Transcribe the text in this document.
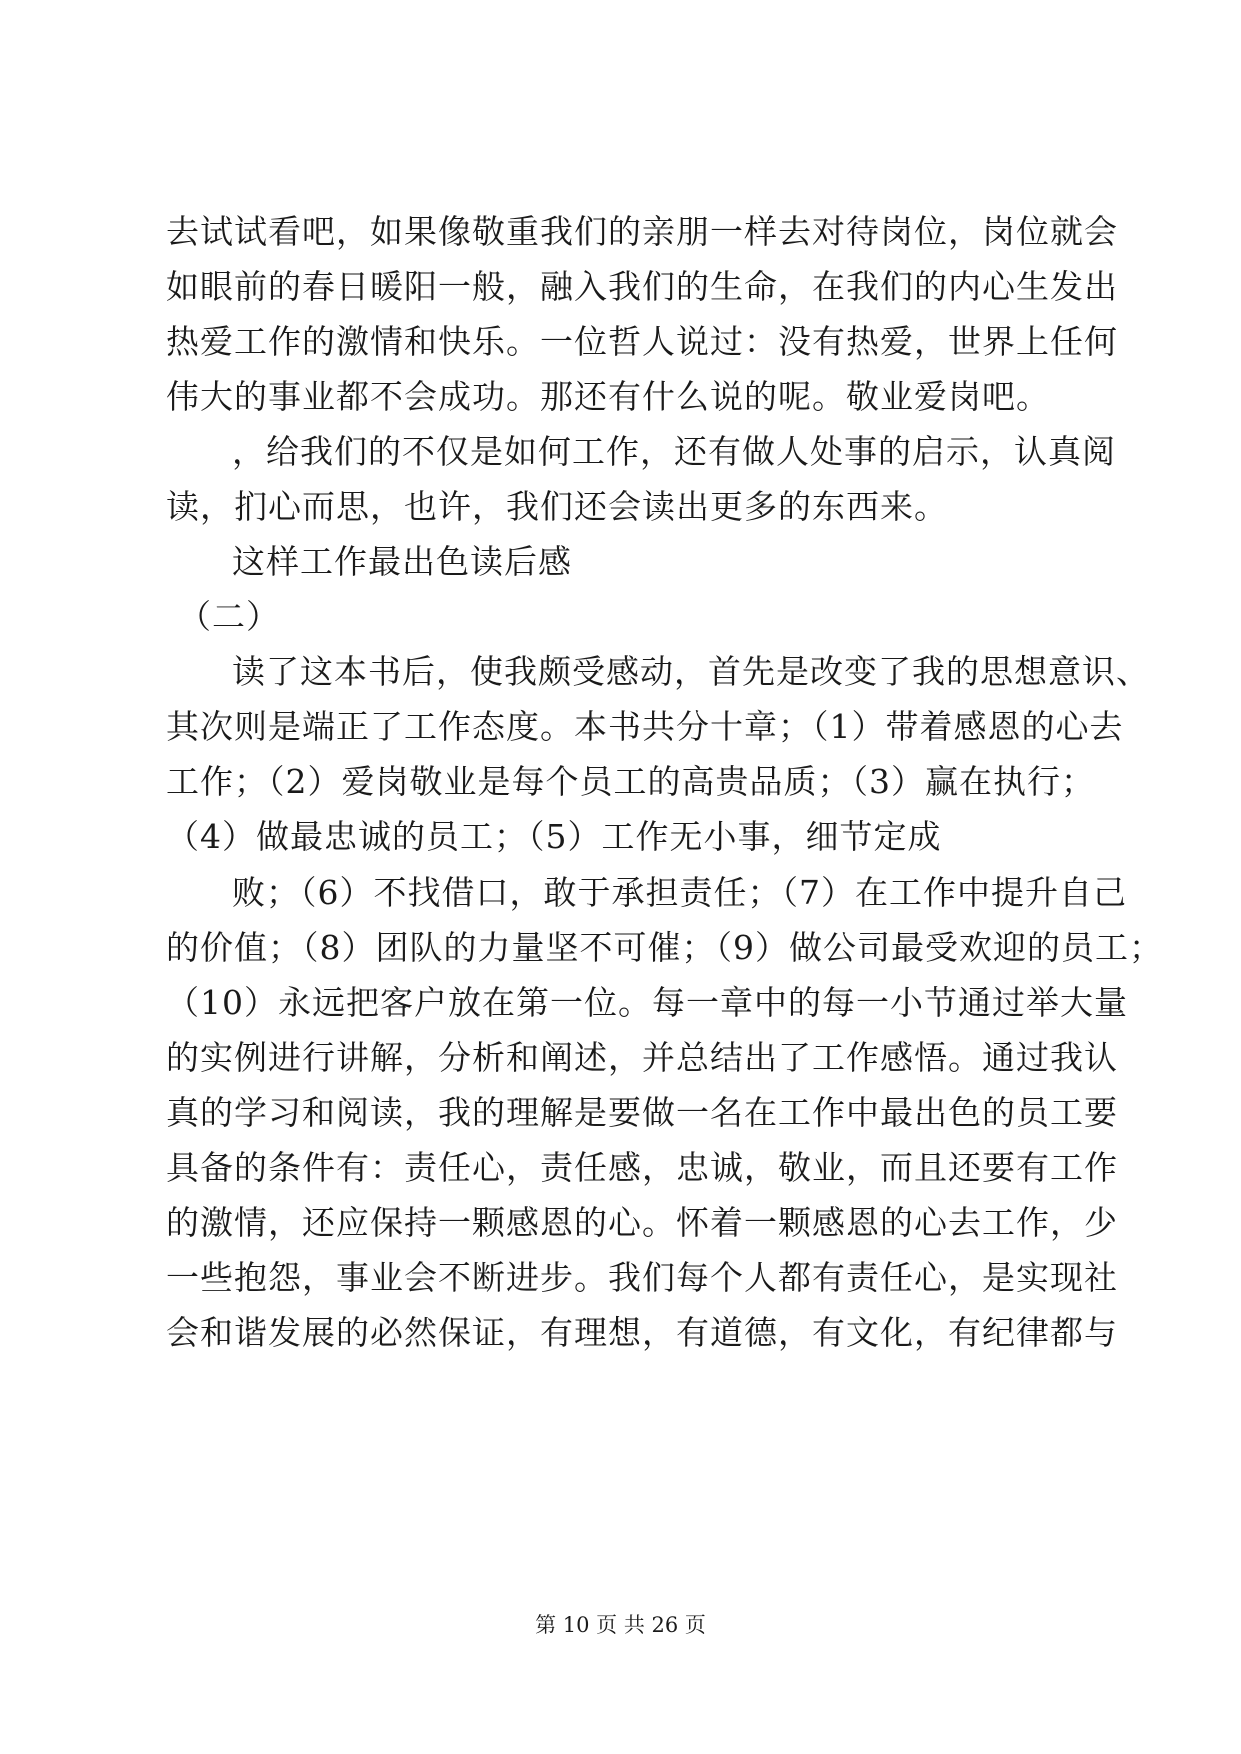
去试试看吧，如果像敬重我们的亲朋一样去对待岗位，岗位就会
如眼前的春日暖阳一般，融入我们的生命，在我们的内心生发出
热爱工作的激情和快乐。一位哲人说过：没有热爱，世界上任何
伟大的事业都不会成功。那还有什么说的呢。敬业爱岗吧。
，给我们的不仅是如何工作，还有做人处事的启示，认真阅
读，扪心而思，也许，我们还会读出更多的东西来。
这样工作最出色读后感
（二）
读了这本书后，使我颇受感动，首先是改变了我的思想意识、
其次则是端正了工作态度。本书共分十章；（1）带着感恩的心去
工作；（2）爱岗敬业是每个员工的高贵品质；（3）赢在执行；
（4）做最忠诚的员工；（5）工作无小事，细节定成
败；（6）不找借口，敢于承担责任；（7）在工作中提升自己
的价值；（8）团队的力量坚不可催；（9）做公司最受欢迎的员工；
（10）永远把客户放在第一位。每一章中的每一小节通过举大量
的实例进行讲解，分析和阐述，并总结出了工作感悟。通过我认
真的学习和阅读，我的理解是要做一名在工作中最出色的员工要
具备的条件有：责任心，责任感，忠诚，敬业，而且还要有工作
的激情，还应保持一颗感恩的心。怀着一颗感恩的心去工作，少
一些抱怨，事业会不断进步。我们每个人都有责任心，是实现社
会和谐发展的必然保证，有理想，有道德，有文化，有纪律都与
第 10 页 共 26 页
